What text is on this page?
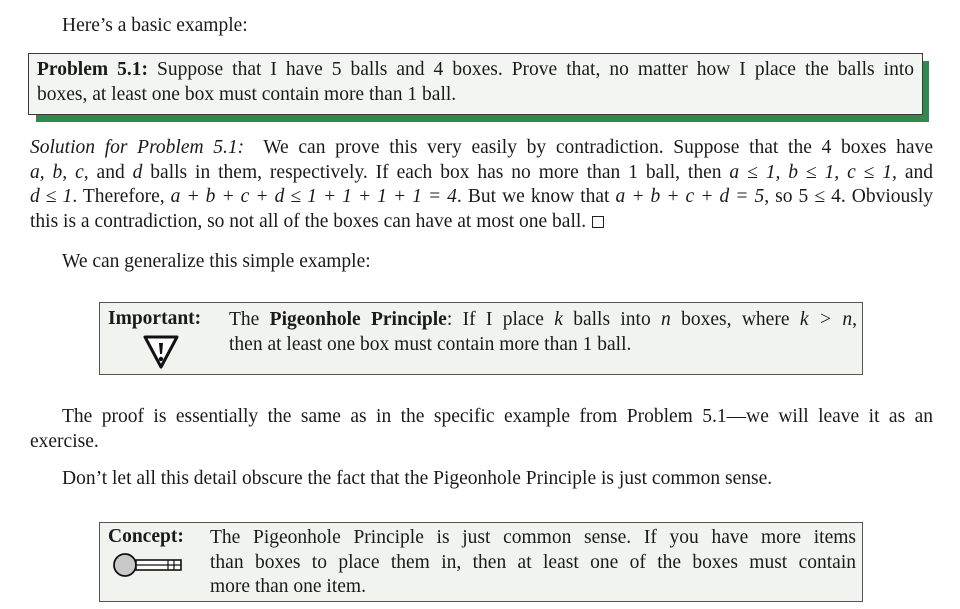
Here’s a basic example:
Problem 5.1: Suppose that I have 5 balls and 4 boxes. Prove that, no matter how I place the balls into
boxes, at least one box must contain more than 1 ball.
Solution for Problem 5.1: We can prove this very easily by contradiction. Suppose that the 4 boxes have
a, b, c, and d balls in them, respectively. If each box has no more than 1 ball, then a ≤ 1, b ≤ 1, c ≤ 1, and
d ≤ 1. Therefore, a + b + c + d ≤ 1 + 1 + 1 + 1 = 4. But we know that a + b + c + d = 5, so 5 ≤ 4. Obviously
this is a contradiction, so not all of the boxes can have at most one ball.
We can generalize this simple example:
Important: The Pigeonhole Principle: If I place k balls into n boxes, where k > n,
then at least one box must contain more than 1 ball.
The proof is essentially the same as in the specific example from Problem 5.1—we will leave it as an
exercise.
Don’t let all this detail obscure the fact that the Pigeonhole Principle is just common sense.
Concept: The Pigeonhole Principle is just common sense. If you have more items
than boxes to place them in, then at least one of the boxes must contain
more than one item.
